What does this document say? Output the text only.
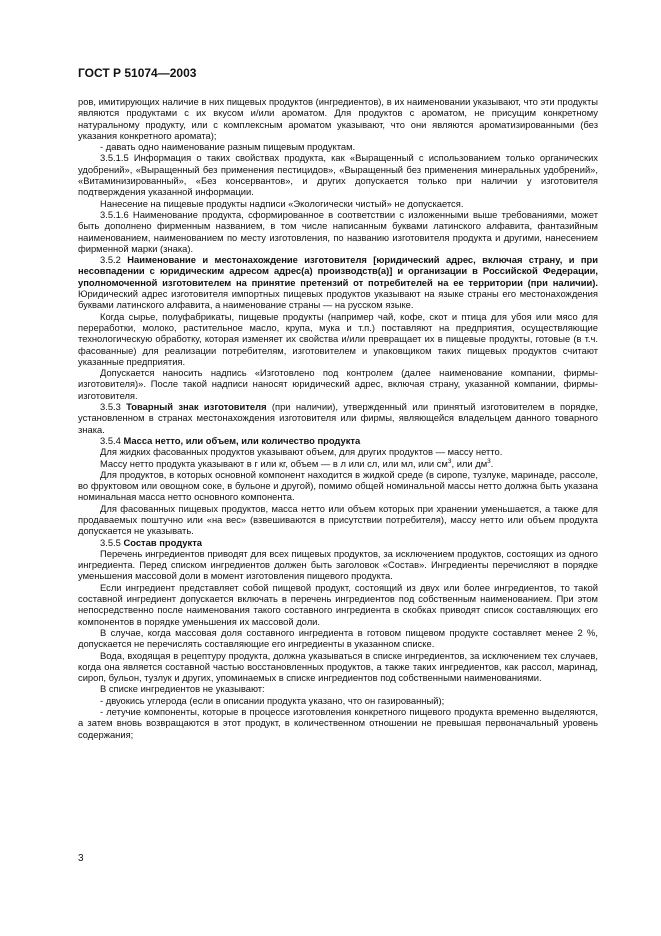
ГОСТ Р 51074—2003

ров, имитирующих наличие в них пищевых продуктов (ингредиентов), в их наименовании указывают, что эти продукты являются продуктами с их вкусом и/или ароматом. Для продуктов с ароматом, не присущим конкретному натуральному продукту, или с комплексным ароматом указывают, что они являются ароматизированными (без указания конкретного аромата);

- давать одно наименование разным пищевым продуктам.

3.5.1.5 Информация о таких свойствах продукта, как «Выращенный с использованием только органических удобрений», «Выращенный без применения пестицидов», «Выращенный без применения минеральных удобрений», «Витаминизированный», «Без консервантов», и других допускается только при наличии у изготовителя подтверждения указанной информации.

Нанесение на пищевые продукты надписи «Экологически чистый» не допускается.

3.5.1.6 Наименование продукта, сформированное в соответствии с изложенными выше требованиями, может быть дополнено фирменным названием, в том числе написанным буквами латинского алфавита, фантазийным наименованием, наименованием по месту изготовления, по названию изготовителя продукта и другими, нанесением фирменной марки (знака).

3.5.2 Наименование и местонахождение изготовителя [юридический адрес, включая страну, и при несовпадении с юридическим адресом адрес(а) производств(а)] и организации в Российской Федерации, уполномоченной изготовителем на принятие претензий от потребителей на ее территории (при наличии). Юридический адрес изготовителя импортных пищевых продуктов указывают на языке страны его местонахождения буквами латинского алфавита, а наименование страны — на русском языке.

Когда сырье, полуфабрикаты, пищевые продукты (например чай, кофе, скот и птица для убоя или мясо для переработки, молоко, растительное масло, крупа, мука и т.п.) поставляют на предприятия, осуществляющие технологическую обработку, которая изменяет их свойства и/или превращает их в пищевые продукты, готовые (в т.ч. фасованные) для реализации потребителям, изготовителем и упаковщиком таких пищевых продуктов считают указанные предприятия.

Допускается наносить надпись «Изготовлено под контролем (далее наименование компании, фирмы-изготовителя)». После такой надписи наносят юридический адрес, включая страну, указанной компании, фирмы-изготовителя.

3.5.3 Товарный знак изготовителя (при наличии), утвержденный или принятый изготовителем в порядке, установленном в странах местонахождения изготовителя или фирмы, являющейся владельцем данного товарного знака.

3.5.4 Масса нетто, или объем, или количество продукта

Для жидких фасованных продуктов указывают объем, для других продуктов — массу нетто.

Массу нетто продукта указывают в г или кг, объем — в л или сл, или мл, или $см^3$, или $дм^3$.

Для продуктов, в которых основной компонент находится в жидкой среде (в сиропе, тузлуке, маринаде, рассоле, во фруктовом или овощном соке, в бульоне и другой), помимо общей номинальной массы нетто должна быть указана номинальная масса нетто основного компонента.

Для фасованных пищевых продуктов, масса нетто или объем которых при хранении уменьшается, а также для продаваемых поштучно или «на вес» (взвешиваются в присутствии потребителя), массу нетто или объем продукта допускается не указывать.

3.5.5 Состав продукта

Перечень ингредиентов приводят для всех пищевых продуктов, за исключением продуктов, состоящих из одного ингредиента. Перед списком ингредиентов должен быть заголовок «Состав». Ингредиенты перечисляют в порядке уменьшения массовой доли в момент изготовления пищевого продукта.

Если ингредиент представляет собой пищевой продукт, состоящий из двух или более ингредиентов, то такой составной ингредиент допускается включать в перечень ингредиентов под собственным наименованием. При этом непосредственно после наименования такого составного ингредиента в скобках приводят список составляющих его компонентов в порядке уменьшения их массовой доли.

В случае, когда массовая доля составного ингредиента в готовом пищевом продукте составляет менее 2 %, допускается не перечислять составляющие его ингредиенты в указанном списке.

Вода, входящая в рецептуру продукта, должна указываться в списке ингредиентов, за исключением тех случаев, когда она является составной частью восстановленных продуктов, а также таких ингредиентов, как рассол, маринад, сироп, бульон, тузлук и других, упоминаемых в списке ингредиентов под собственными наименованиями.

В списке ингредиентов не указывают:

- двуокись углерода (если в описании продукта указано, что он газированный);

- летучие компоненты, которые в процессе изготовления конкретного пищевого продукта временно выделяются, а затем вновь возвращаются в этот продукт, в количественном отношении не превышая первоначальный уровень содержания;

3
